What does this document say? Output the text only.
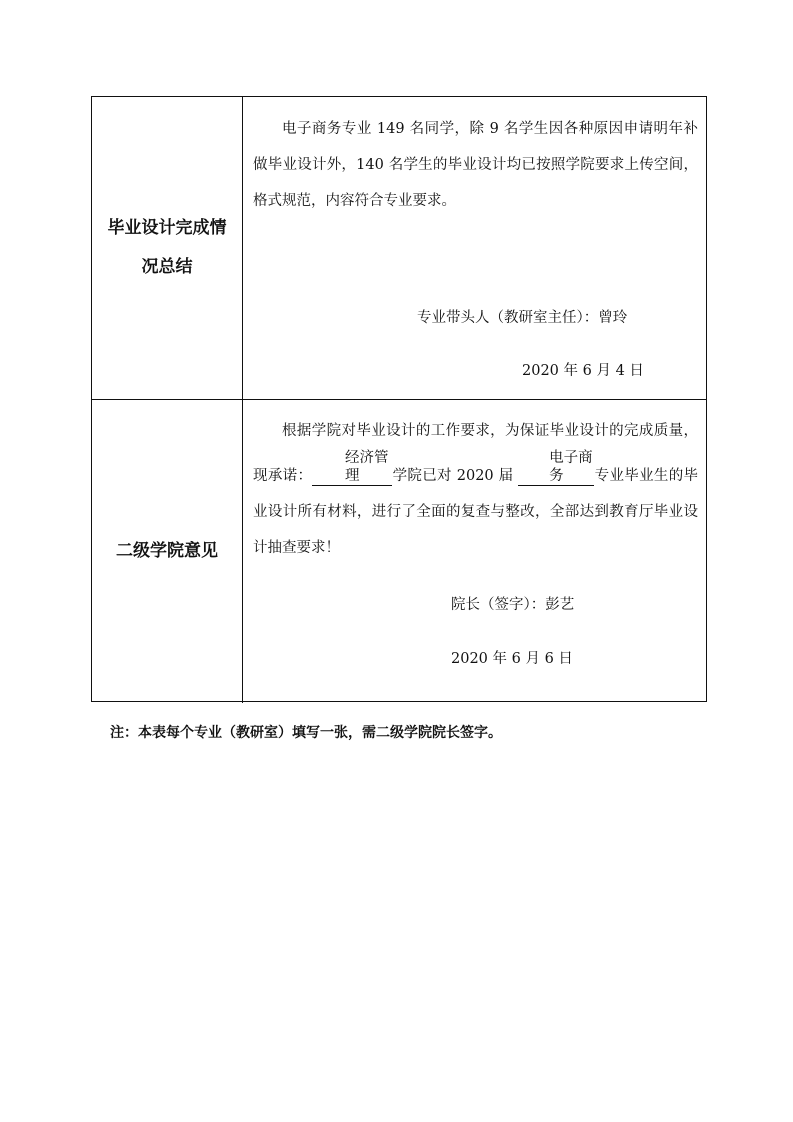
毕业设计完成情
况总结

电子商务专业 149 名同学，除 9 名学生因各种原因申请明年补做毕业设计外，140 名学生的毕业设计均已按照学院要求上传空间，格式规范，内容符合专业要求。

专业带头人（教研室主任）：曾玲
2020 年 6 月 4 日
二级学院意见

根据学院对毕业设计的工作要求，为保证毕业设计的完成质量，现承诺：经济管理 学院已对 2020 届 电子商务 专业毕业生的毕业设计所有材料，进行了全面的复查与整改，全部达到教育厅毕业设计抽查要求！

院长（签字）：彭艺
2020 年 6 月 6 日
注：本表每个专业（教研室）填写一张，需二级学院院长签字。
